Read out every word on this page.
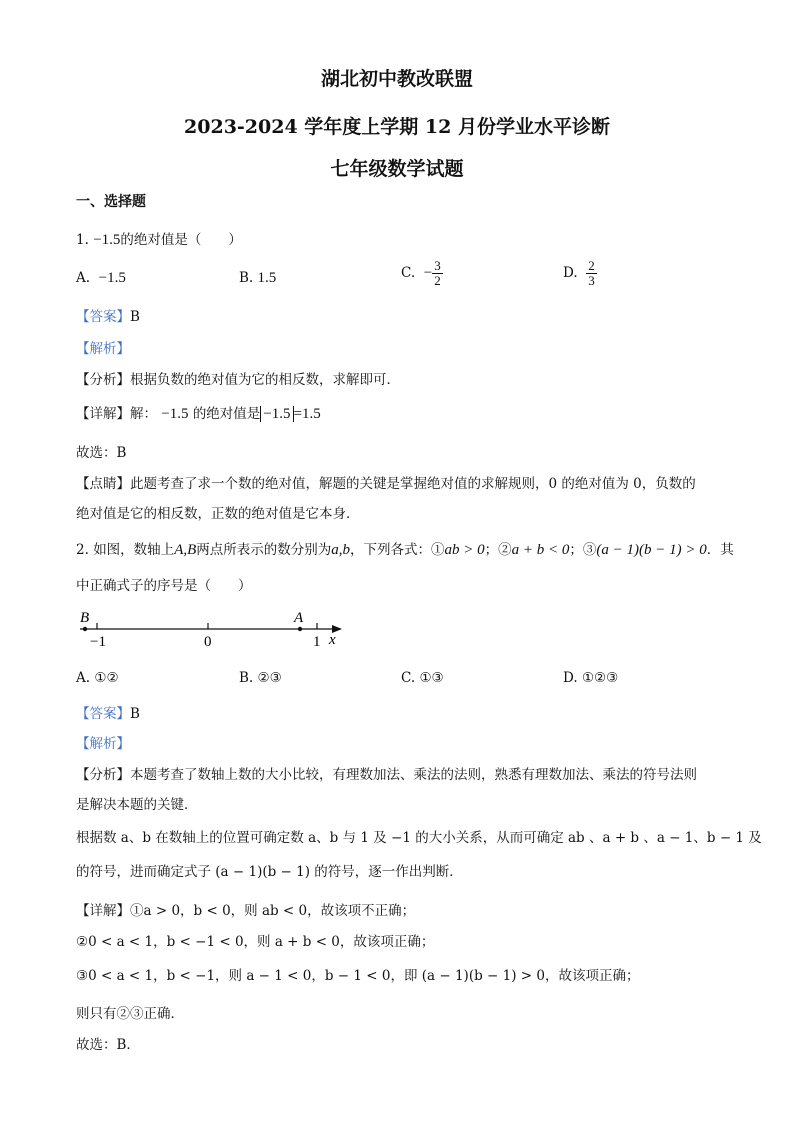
湖北初中教改联盟
2023-2024 学年度上学期 12 月份学业水平诊断
七年级数学试题
一、选择题
1. −1.5的绝对值是（　　）
A. −1.5	B. 1.5	C. − $\frac{3}{2}$	D. $\frac{2}{3}$
【答案】B
【解析】
【分析】根据负数的绝对值为它的相反数，求解即可．
【详解】解： −1.5 的绝对值是 −1.5 =1.5
故选：B
【点睛】此题考查了求一个数的绝对值，解题的关键是掌握绝对值的求解规则，0 的绝对值为 0，负数的
绝对值是它的相反数，正数的绝对值是它本身．
2. 如图，数轴上A,B两点所表示的数分别为a,b，下列各式：①ab > 0；②a + b < 0；③(a − 1)(b − 1) > 0．其
中正确式子的序号是（　　）
B	A
−1	0	1 x
A. ①②	B. ②③	C. ①③	D. ①②③
【答案】B
【解析】
【分析】本题考查了数轴上数的大小比较，有理数加法、乘法的法则，熟悉有理数加法、乘法的符号法则
是解决本题的关键．
根据数 a、b 在数轴上的位置可确定数 a、b 与 1 及 −1 的大小关系，从而可确定 ab 、a + b 、a − 1、b − 1 及
的符号，进而确定式子 (a − 1)(b − 1) 的符号，逐一作出判断．
【详解】①a > 0，b < 0，则 ab < 0，故该项不正确；
②0 < a < 1，b < −1 < 0，则 a + b < 0，故该项正确；
③0 < a < 1，b < −1，则 a − 1 < 0，b − 1 < 0，即 (a − 1)(b − 1) > 0，故该项正确；
则只有②③正确．
故选：B．
